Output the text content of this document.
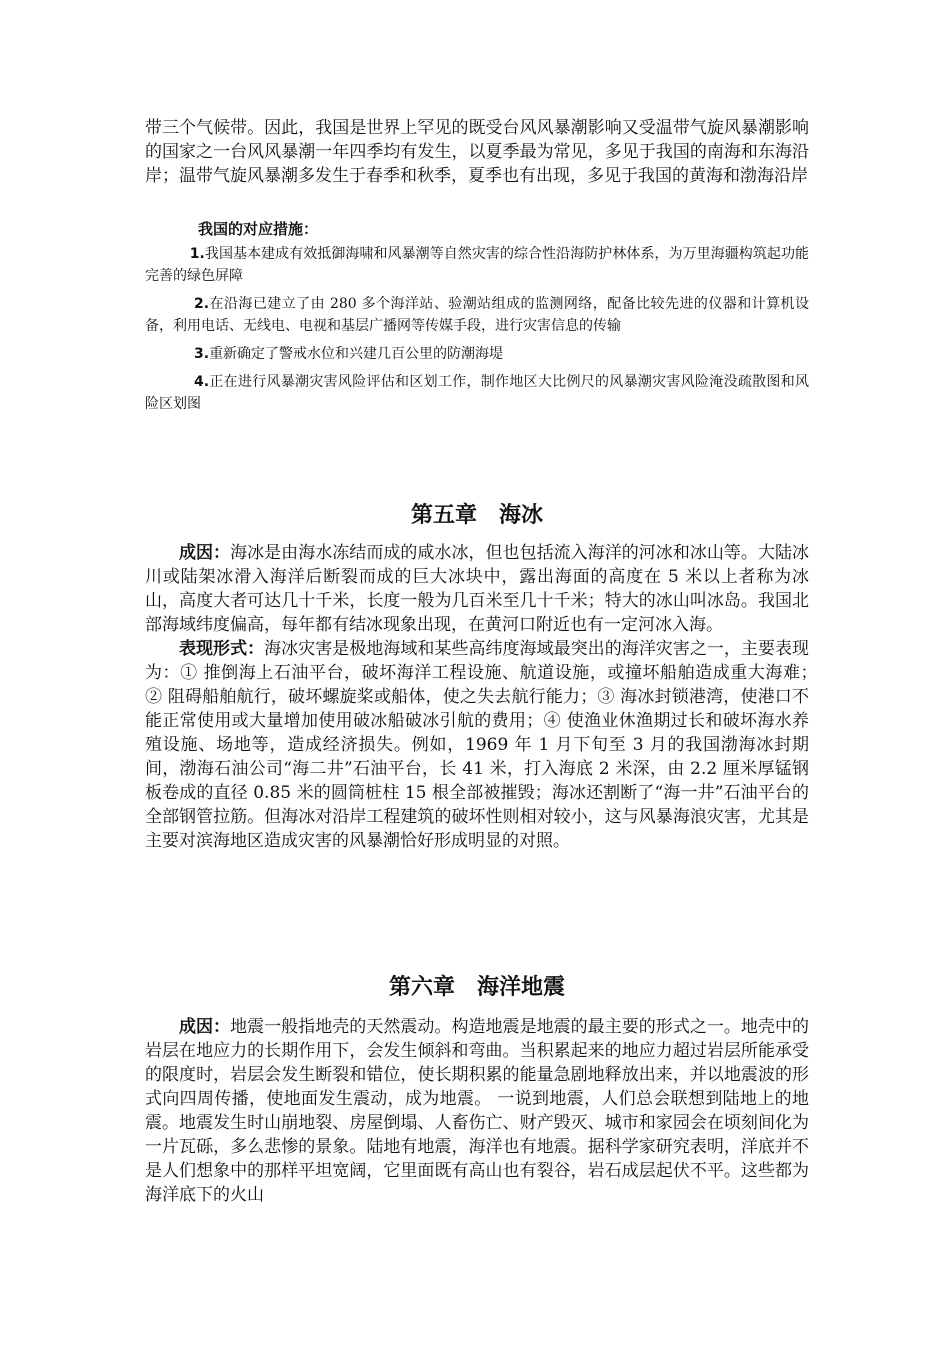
带三个气候带。因此，我国是世界上罕见的既受台风风暴潮影响又受温带气旋风暴潮影响的国家之一台风风暴潮一年四季均有发生，以夏季最为常见，多见于我国的南海和东海沿岸；温带气旋风暴潮多发生于春季和秋季，夏季也有出现，多见于我国的黄海和渤海沿岸

我国的对应措施：

1.我国基本建成有效抵御海啸和风暴潮等自然灾害的综合性沿海防护林体系，为万里海疆构筑起功能完善的绿色屏障

2.在沿海已建立了由 280 多个海洋站、验潮站组成的监测网络，配备比较先进的仪器和计算机设备，利用电话、无线电、电视和基层广播网等传媒手段，进行灾害信息的传输

3.重新确定了警戒水位和兴建几百公里的防潮海堤

4.正在进行风暴潮灾害风险评估和区划工作，制作地区大比例尺的风暴潮灾害风险淹没疏散图和风险区划图

第五章　海冰

成因：海冰是由海水冻结而成的咸水冰，但也包括流入海洋的河冰和冰山等。大陆冰川或陆架冰滑入海洋后断裂而成的巨大冰块中，露出海面的高度在 5 米以上者称为冰山，高度大者可达几十千米，长度一般为几百米至几十千米；特大的冰山叫冰岛。我国北部海域纬度偏高，每年都有结冰现象出现，在黄河口附近也有一定河冰入海。

表现形式：海冰灾害是极地海域和某些高纬度海域最突出的海洋灾害之一，主要表现为：① 推倒海上石油平台，破坏海洋工程设施、航道设施，或撞坏船舶造成重大海难；　② 阻碍船舶航行，破坏螺旋桨或船体，使之失去航行能力；③ 海冰封锁港湾，使港口不能正常使用或大量增加使用破冰船破冰引航的费用；④ 使渔业休渔期过长和破坏海水养殖设施、场地等，造成经济损失。例如，1969 年 1 月下旬至 3 月的我国渤海冰封期间，渤海石油公司“海二井”石油平台，长 41 米，打入海底 2 米深，由 2.2 厘米厚锰钢板卷成的直径 0.85 米的圆筒桩柱 15 根全部被摧毁；海冰还割断了“海一井”石油平台的全部钢管拉筋。但海冰对沿岸工程建筑的破坏性则相对较小，这与风暴海浪灾害，尤其是主要对滨海地区造成灾害的风暴潮恰好形成明显的对照。

第六章　海洋地震

成因：地震一般指地壳的天然震动。构造地震是地震的最主要的形式之一。地壳中的岩层在地应力的长期作用下，会发生倾斜和弯曲。当积累起来的地应力超过岩层所能承受的限度时，岩层会发生断裂和错位，使长期积累的能量急剧地释放出来，并以地震波的形式向四周传播，使地面发生震动，成为地震。 一说到地震，人们总会联想到陆地上的地震。地震发生时山崩地裂、房屋倒塌、人畜伤亡、财产毁灭、城市和家园会在顷刻间化为一片瓦砾，多么悲惨的景象。陆地有地震，海洋也有地震。据科学家研究表明，洋底并不是人们想象中的那样平坦宽阔，它里面既有高山也有裂谷，岩石成层起伏不平。这些都为海洋底下的火山
